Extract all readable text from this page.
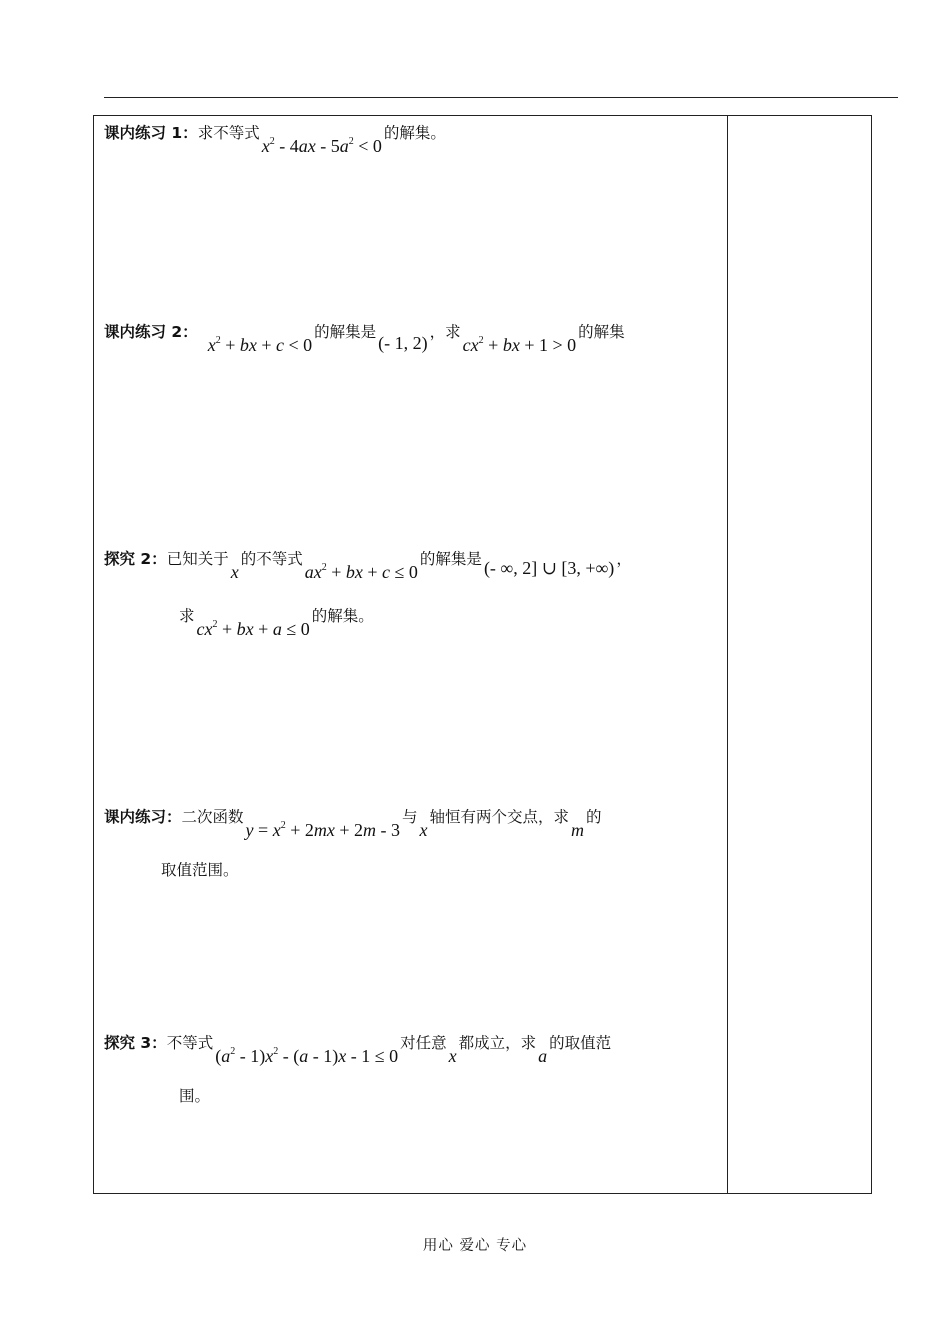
课内练习 1：求不等式$x^2 - 4ax - 5a^2 < 0$的解集。
课内练习 2：$x^2$ + bx + c < 0的解集是(- 1, 2)，求$cx^2$ + bx + 1 > 0的解集
探究 2：已知关于x的不等式$ax^2$ + bx + c ≤ 0的解集是 (- ∞, 2] ∪ [3, +∞) ，
求$cx^2$ + bx + a ≤ 0的解集。
课内练习：二次函数$y = x^2 + 2mx + 2m - 3$与x轴恒有两个交点，求m的
取值范围。
探究 3：不等式$(a^2 - 1)x^2 - (a - 1)x - 1 \le 0$对任意x都成立，求a的取值范
围。
用心 爱心 专心
